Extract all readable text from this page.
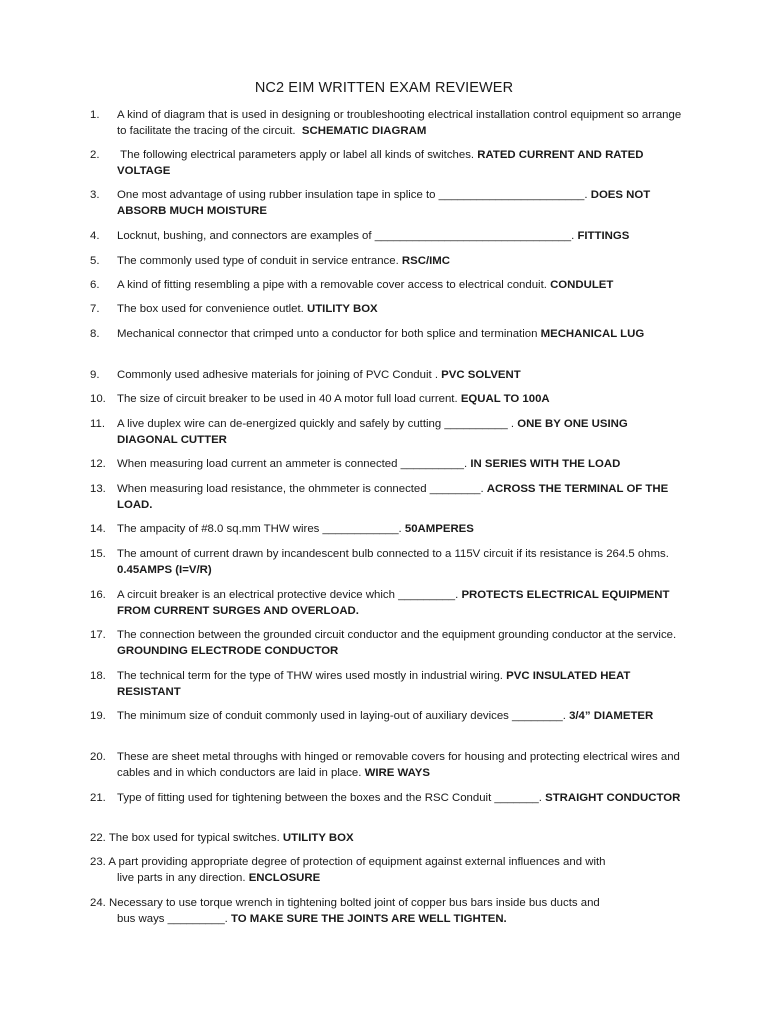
NC2 EIM WRITTEN EXAM REVIEWER
1. A kind of diagram that is used in designing or troubleshooting electrical installation control equipment so arrange to facilitate the tracing of the circuit. SCHEMATIC DIAGRAM
2. The following electrical parameters apply or label all kinds of switches. RATED CURRENT AND RATED VOLTAGE
3. One most advantage of using rubber insulation tape in splice to _______________________. DOES NOT ABSORB MUCH MOISTURE
4. Locknut, bushing, and connectors are examples of _______________________________. FITTINGS
5. The commonly used type of conduit in service entrance. RSC/IMC
6. A kind of fitting resembling a pipe with a removable cover access to electrical conduit. CONDULET
7. The box used for convenience outlet. UTILITY BOX
8. Mechanical connector that crimped unto a conductor for both splice and termination MECHANICAL LUG
9. Commonly used adhesive materials for joining of PVC Conduit . PVC SOLVENT
10. The size of circuit breaker to be used in 40 A motor full load current. EQUAL TO 100A
11. A live duplex wire can de-energized quickly and safely by cutting __________ . ONE BY ONE USING DIAGONAL CUTTER
12. When measuring load current an ammeter is connected __________. IN SERIES WITH THE LOAD
13. When measuring load resistance, the ohmmeter is connected ________. ACROSS THE TERMINAL OF THE LOAD.
14. The ampacity of #8.0 sq.mm THW wires ____________. 50AMPERES
15. The amount of current drawn by incandescent bulb connected to a 115V circuit if its resistance is 264.5 ohms.  0.45AMPS (I=V/R)
16. A circuit breaker is an electrical protective device which _________. PROTECTS ELECTRICAL EQUIPMENT FROM CURRENT SURGES AND OVERLOAD.
17. The connection between the grounded circuit conductor and the equipment grounding conductor at the service. GROUNDING ELECTRODE CONDUCTOR
18. The technical term for the type of THW wires used mostly in industrial wiring. PVC INSULATED HEAT RESISTANT
19. The minimum size of conduit commonly used in laying-out of auxiliary devices ________. 3/4” DIAMETER
20. These are sheet metal throughs with hinged or removable covers for housing and protecting electrical wires and cables and in which conductors are laid in place. WIRE WAYS
21. Type of fitting used for tightening between the boxes and the RSC Conduit _______. STRAIGHT CONDUCTOR
22. The box used for typical switches. UTILITY BOX
23. A part providing appropriate degree of protection of equipment against external influences and with
live parts in any direction. ENCLOSURE
24. Necessary to use torque wrench in tightening bolted joint of copper bus bars inside bus ducts and
bus ways _________. TO MAKE SURE THE JOINTS ARE WELL TIGHTEN.
